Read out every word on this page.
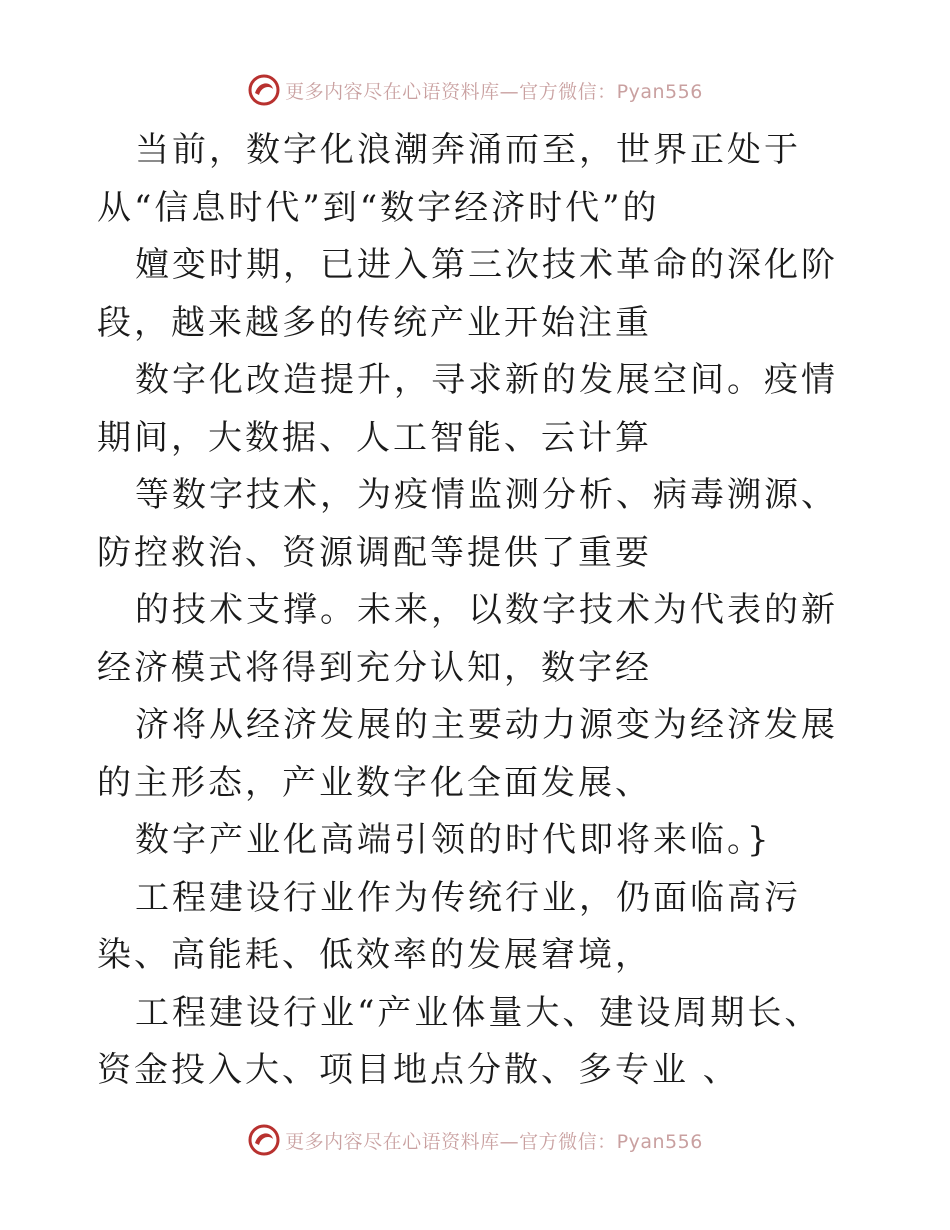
更多内容尽在心语资料库—官方微信：Pyan556

当前，数字化浪潮奔涌而至，世界正处于从“信息时代”到“数字经济时代”的

嬗变时期，已进入第三次技术革命的深化阶段，越来越多的传统产业开始注重

数字化改造提升，寻求新的发展空间。疫情期间，大数据、人工智能、云计算

等数字技术，为疫情监测分析、病毒溯源、防控救治、资源调配等提供了重要

的技术支撑。未来，以数字技术为代表的新经济模式将得到充分认知，数字经

济将从经济发展的主要动力源变为经济发展的主形态，产业数字化全面发展、

数字产业化高端引领的时代即将来临。}

工程建设行业作为传统行业，仍面临高污染、高能耗、低效率的发展窘境，

工程建设行业“产业体量大、建设周期长、资金投入大、项目地点分散、多专业 、

更多内容尽在心语资料库—官方微信：Pyan556
